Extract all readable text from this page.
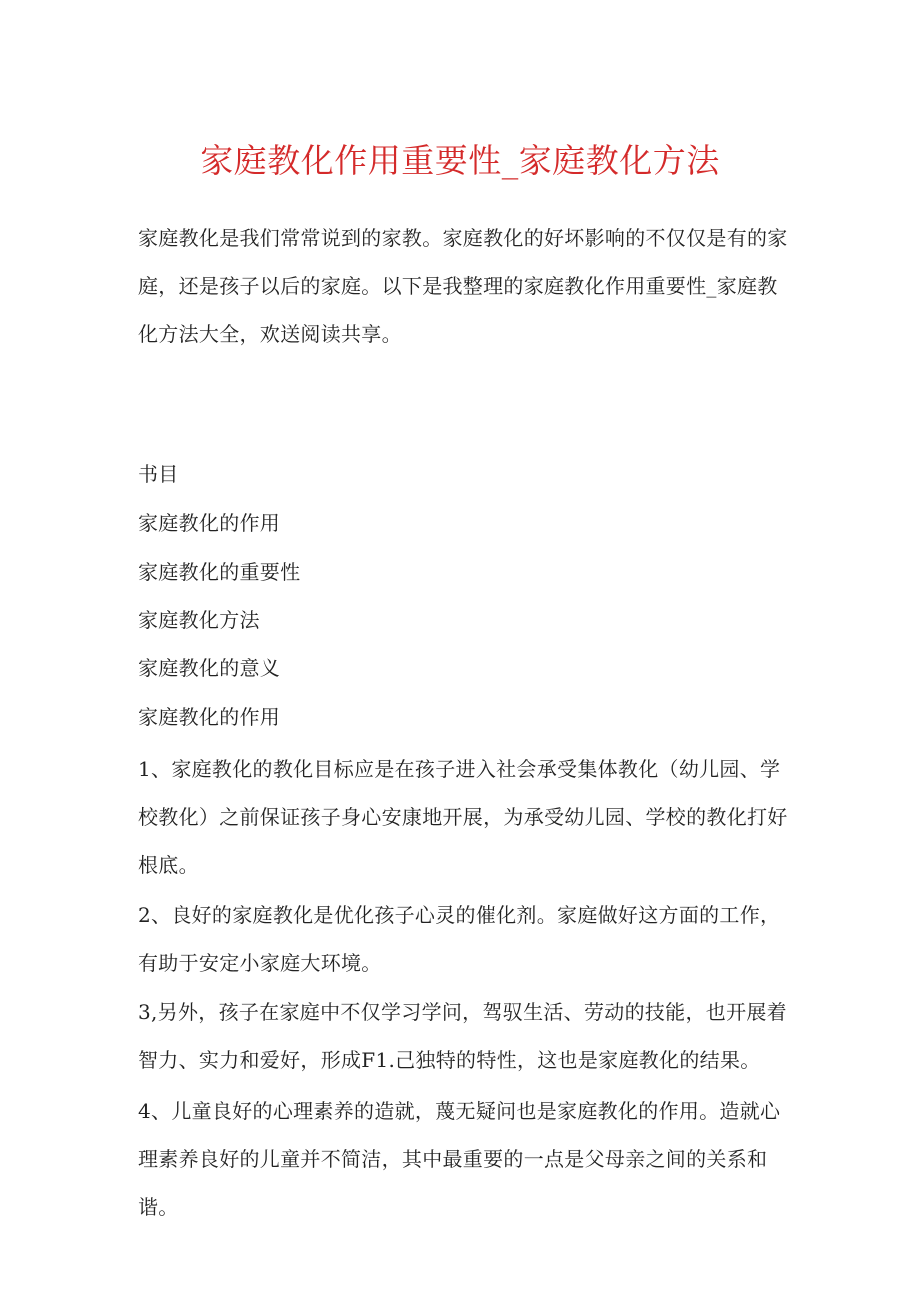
家庭教化作用重要性_家庭教化方法

家庭教化是我们常常说到的家教。家庭教化的好坏影响的不仅仅是有的家庭，还是孩子以后的家庭。以下是我整理的家庭教化作用重要性_家庭教化方法大全，欢送阅读共享。

书目

家庭教化的作用

家庭教化的重要性

家庭教化方法

家庭教化的意义

家庭教化的作用

1、家庭教化的教化目标应是在孩子进入社会承受集体教化（幼儿园、学校教化）之前保证孩子身心安康地开展，为承受幼儿园、学校的教化打好根底。

2、良好的家庭教化是优化孩子心灵的催化剂。家庭做好这方面的工作，有助于安定小家庭大环境。

3,另外，孩子在家庭中不仅学习学问，驾驭生活、劳动的技能，也开展着智力、实力和爱好，形成F1.己独特的特性，这也是家庭教化的结果。

4、儿童良好的心理素养的造就，蔑无疑问也是家庭教化的作用。造就心理素养良好的儿童并不简洁，其中最重要的一点是父母亲之间的关系和谐。
